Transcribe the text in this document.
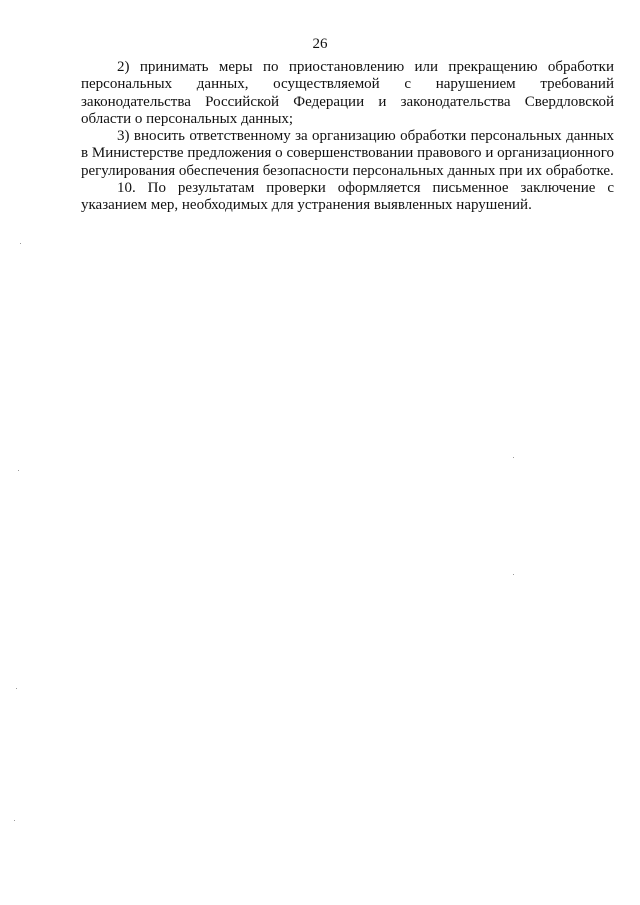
26

2) принимать меры по приостановлению или прекращению обработки персональных данных, осуществляемой с нарушением требований законодательства Российской Федерации и законодательства Свердловской области о персональных данных;

3) вносить ответственному за организацию обработки персональных данных в Министерстве предложения о совершенствовании правового и организационного регулирования обеспечения безопасности персональных данных при их обработке.

10. По результатам проверки оформляется письменное заключение с указанием мер, необходимых для устранения выявленных нарушений.
